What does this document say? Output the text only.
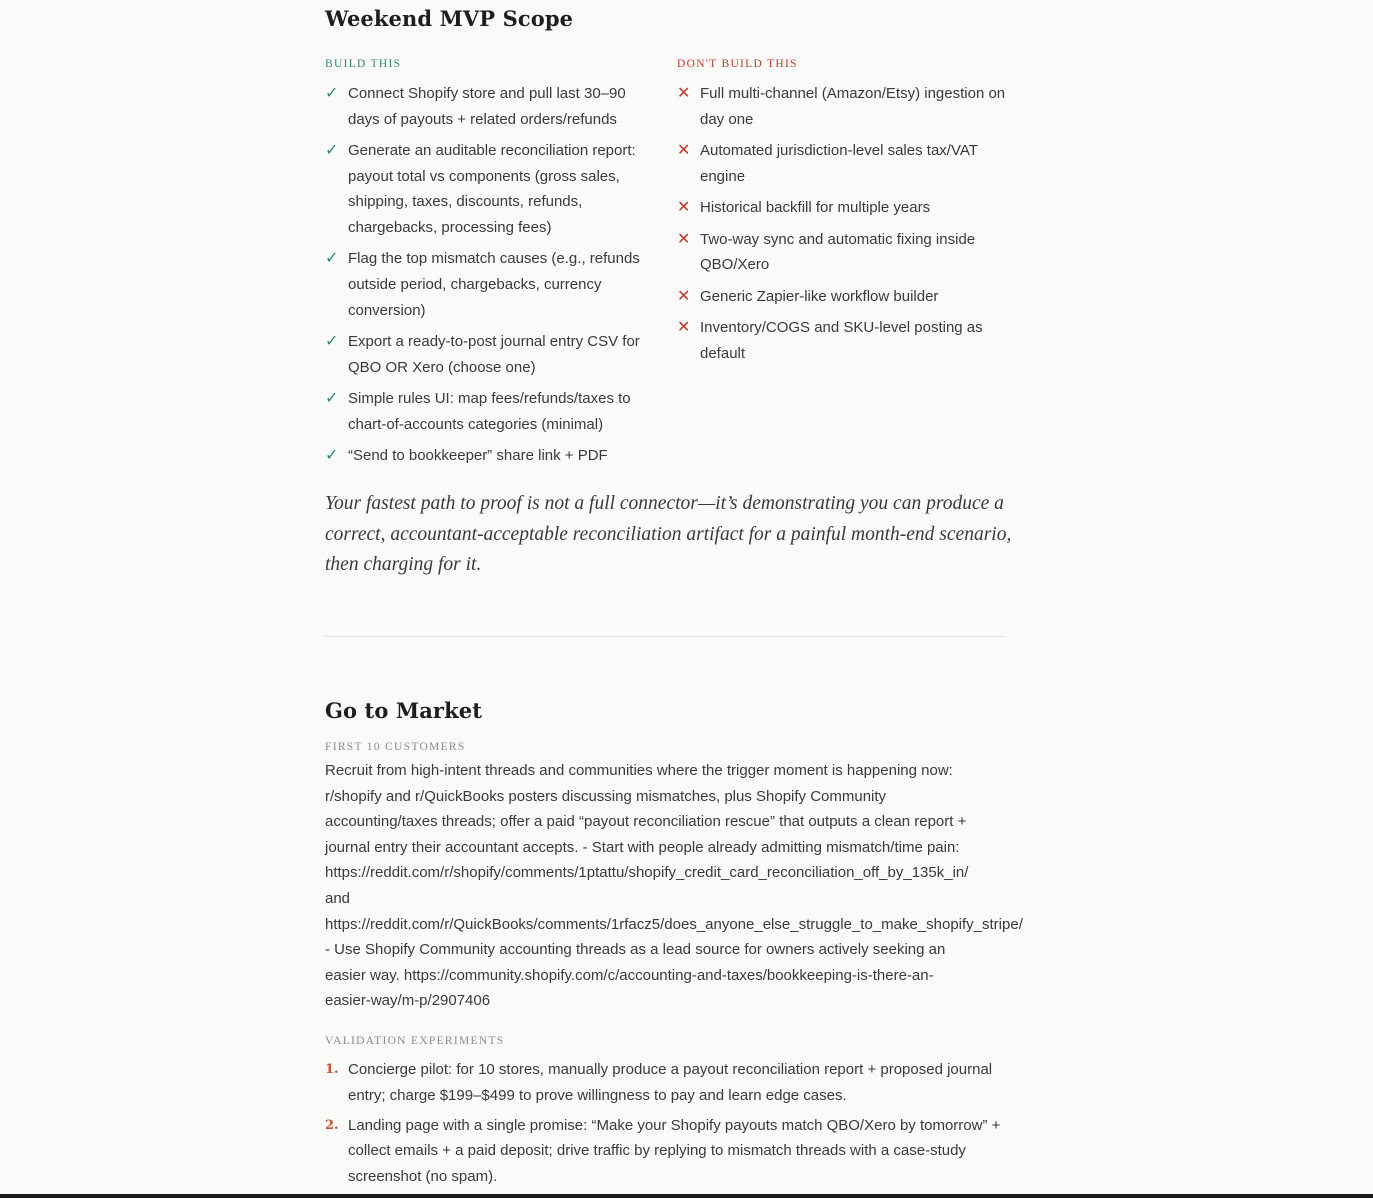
Weekend MVP Scope

BUILD THIS

✓ Connect Shopify store and pull last 30–90 days of payouts + related orders/refunds
✓ Generate an auditable reconciliation report: payout total vs components (gross sales, shipping, taxes, discounts, refunds, chargebacks, processing fees)
✓ Flag the top mismatch causes (e.g., refunds outside period, chargebacks, currency conversion)
✓ Export a ready-to-post journal entry CSV for QBO OR Xero (choose one)
✓ Simple rules UI: map fees/refunds/taxes to chart-of-accounts categories (minimal)
✓ “Send to bookkeeper” share link + PDF

DON'T BUILD THIS

✕ Full multi-channel (Amazon/Etsy) ingestion on day one
✕ Automated jurisdiction-level sales tax/VAT engine
✕ Historical backfill for multiple years
✕ Two-way sync and automatic fixing inside QBO/Xero
✕ Generic Zapier-like workflow builder
✕ Inventory/COGS and SKU-level posting as default

Your fastest path to proof is not a full connector—it’s demonstrating you can produce a correct, accountant-acceptable reconciliation artifact for a painful month-end scenario, then charging for it.

Go to Market

FIRST 10 CUSTOMERS

Recruit from high-intent threads and communities where the trigger moment is happening now:

r/shopify and r/QuickBooks posters discussing mismatches, plus Shopify Community

accounting/taxes threads; offer a paid “payout reconciliation rescue” that outputs a clean report +

journal entry their accountant accepts. - Start with people already admitting mismatch/time pain:

https://reddit.com/r/shopify/comments/1ptattu/shopify_credit_card_reconciliation_off_by_135k_in/

and

https://reddit.com/r/QuickBooks/comments/1rfacz5/does_anyone_else_struggle_to_make_shopify_stripe/

- Use Shopify Community accounting threads as a lead source for owners actively seeking an

easier way. https://community.shopify.com/c/accounting-and-taxes/bookkeeping-is-there-an-

easier-way/m-p/2907406

VALIDATION EXPERIMENTS

1. Concierge pilot: for 10 stores, manually produce a payout reconciliation report + proposed journal entry; charge $199–$499 to prove willingness to pay and learn edge cases.
2. Landing page with a single promise: “Make your Shopify payouts match QBO/Xero by tomorrow” + collect emails + a paid deposit; drive traffic by replying to mismatch threads with a case-study screenshot (no spam).
